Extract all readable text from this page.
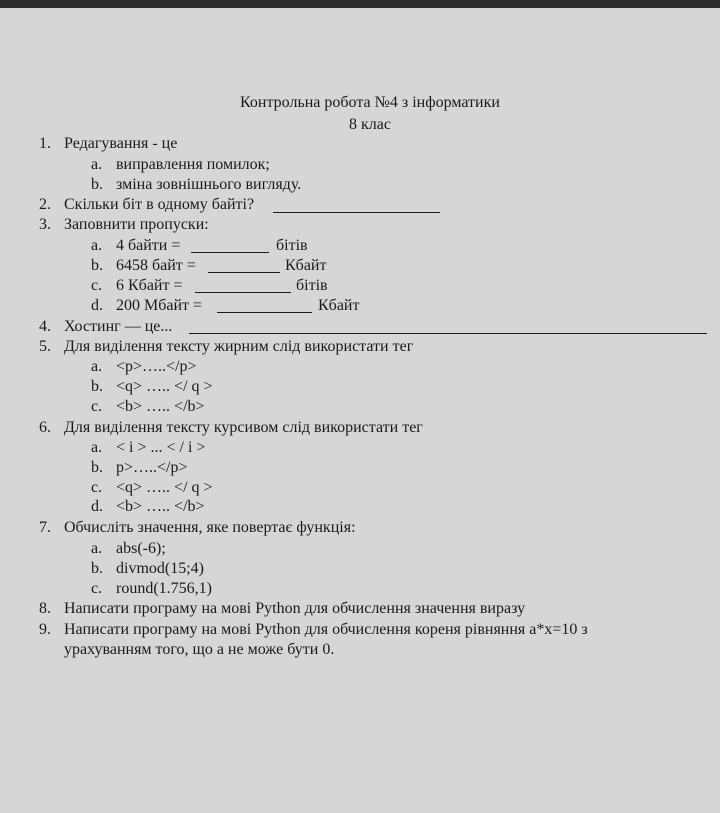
Контрольна робота №4 з інформатики
8 клас
1. Редагування - це
a. виправлення помилок;
b. зміна зовнішнього вигляду.
2. Скільки біт в одному байті?
3. Заповнити пропуски:
a. 4 байти =	бітів
b. 6458 байт =	Кбайт
c. 6 Кбайт =	бітів
d. 200 Мбайт =	Кбайт
4. Хостинг — це...
5. Для виділення тексту жирним слід використати тег
a. <p>…..</p>
b. <q> ….. </ q >
c. <b> ….. </b>
6. Для виділення тексту курсивом слід використати тег
a. < i > ... < / i >
b. p>…..</p>
c. <q> ….. </ q >
d. <b> ….. </b>
7. Обчисліть значення, яке повертає функція:
a. abs(-6);
b. divmod(15;4)
c. round(1.756,1)
8. Написати програму на мові Python для обчислення значення виразу
9. Написати програму на мові Python для обчислення кореня рівняння a*x=10 з
урахуванням того, що а не може бути 0.
